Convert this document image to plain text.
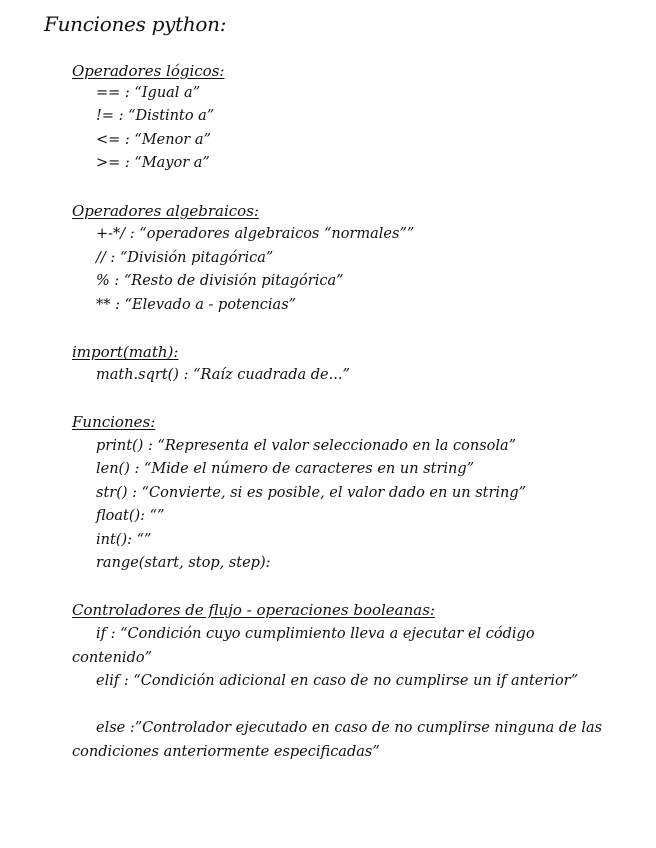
Funciones python:
Operadores lógicos:
== : “Igual a”
!= : “Distinto a”
<= : “Menor a”
>= : “Mayor a”
Operadores algebraicos:
+-*/ : “operadores algebraicos “normales””
// : “División pitagórica”
% : “Resto de división pitagórica”
** : “Elevado a - potencias”
import(math):
math.sqrt() : “Raíz cuadrada de...”
Funciones:
print() : “Representa el valor seleccionado en la consola”
len() : “Mide el número de caracteres en un string”
str() : “Convierte, si es posible, el valor dado en un string”
float(): “”
int(): “”
range(start, stop, step):
Controladores de flujo - operaciones booleanas:
if : “Condición cuyo cumplimiento lleva a ejecutar el código contenido”
elif : “Condición adicional en caso de no cumplirse un if anterior”
else :”Controlador ejecutado en caso de no cumplirse ninguna de las condiciones anteriormente especificadas”
